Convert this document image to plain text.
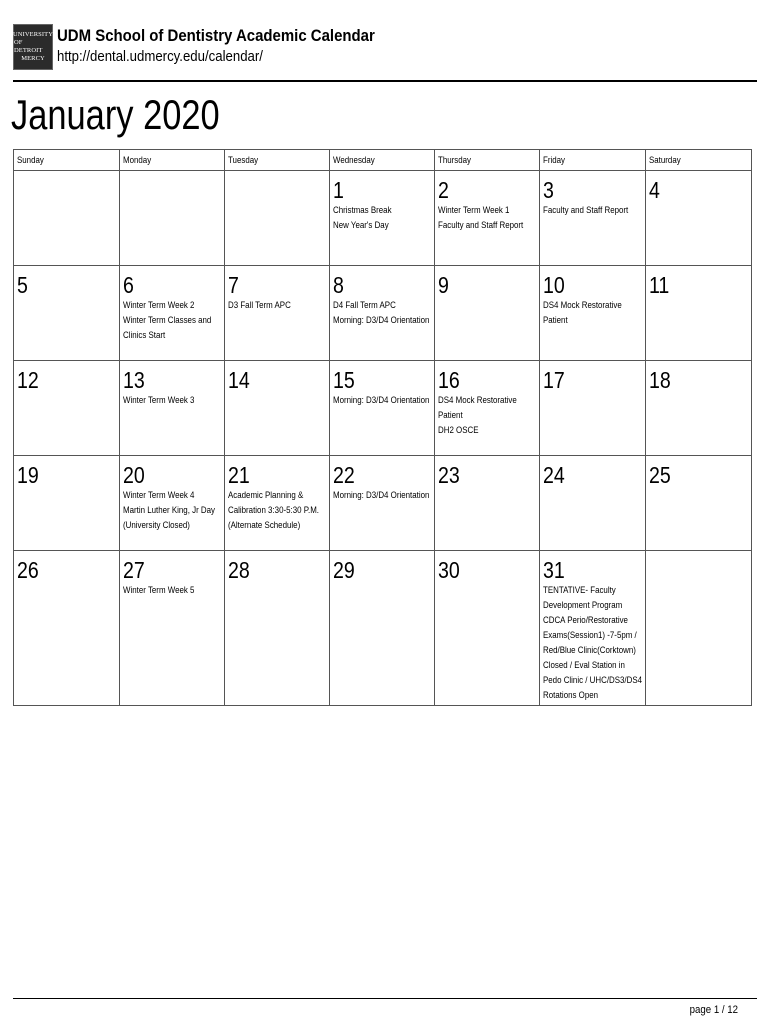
UNIVERSITY
OF DETROIT
MERCY
UDM School of Dentistry Academic Calendar
http://dental.udmercy.edu/calendar/
January 2020
Sunday	Monday	Tuesday	Wednesday	Thursday	Friday	Saturday

			1
Christmas Break
New Year's Day	2
Winter Term Week 1
Faculty and Staff Report	3
Faculty and Staff Report	4

5	6
Winter Term Week 2
Winter Term Classes and Clinics Start	7
D3 Fall Term APC	8
D4 Fall Term APC
Morning: D3/D4 Orientation	9	10
DS4 Mock Restorative Patient	11

12	13
Winter Term Week 3	14	15
Morning: D3/D4 Orientation	16
DS4 Mock Restorative Patient
DH2 OSCE	17	18

19	20
Winter Term Week 4
Martin Luther King, Jr Day (University Closed)	21
Academic Planning & Calibration 3:30-5:30 P.M. (Alternate Schedule)	22
Morning: D3/D4 Orientation	23	24	25

26	27
Winter Term Week 5	28	29	30	31
TENTATIVE- Faculty Development Program
CDCA Perio/Restorative Exams(Session1) -7-5pm / Red/Blue Clinic(Corktown) Closed / Eval Station in Pedo Clinic / UHC/DS3/DS4 Rotations Open	

page 1 / 12
